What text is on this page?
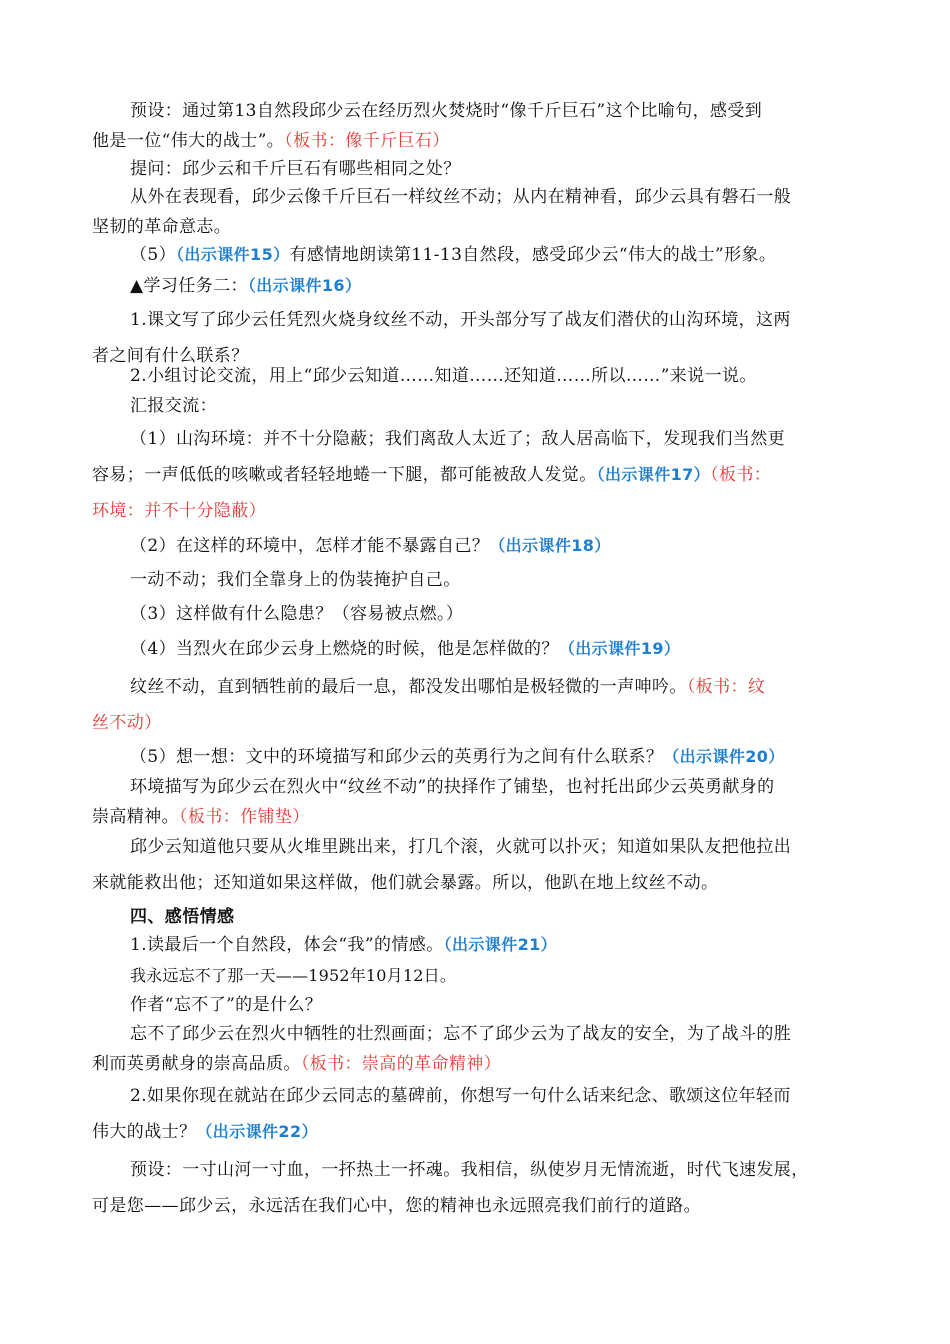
预设：通过第13自然段邱少云在经历烈火焚烧时“像千斤巨石”这个比喻句，感受到
他是一位“伟大的战士”。（板书：像千斤巨石）

提问：邱少云和千斤巨石有哪些相同之处？

从外在表现看，邱少云像千斤巨石一样纹丝不动；从内在精神看，邱少云具有磐石一般
坚韧的革命意志。

（5）（出示课件15）有感情地朗读第11-13自然段，感受邱少云“伟大的战士”形象。

▲学习任务二：（出示课件16）

1.课文写了邱少云任凭烈火烧身纹丝不动，开头部分写了战友们潜伏的山沟环境，这两
者之间有什么联系？

2.小组讨论交流，用上“邱少云知道……知道……还知道……所以……”来说一说。

汇报交流：

（1）山沟环境：并不十分隐蔽；我们离敌人太近了；敌人居高临下，发现我们当然更
容易；一声低低的咳嗽或者轻轻地蜷一下腿，都可能被敌人发觉。（出示课件17）（板书：
环境：并不十分隐蔽）

（2）在这样的环境中，怎样才能不暴露自己？（出示课件18）

一动不动；我们全靠身上的伪装掩护自己。

（3）这样做有什么隐患？（容易被点燃。）

（4）当烈火在邱少云身上燃烧的时候，他是怎样做的？（出示课件19）

纹丝不动，直到牺牲前的最后一息，都没发出哪怕是极轻微的一声呻吟。（板书：纹
丝不动）

（5）想一想：文中的环境描写和邱少云的英勇行为之间有什么联系？（出示课件20）

环境描写为邱少云在烈火中“纹丝不动”的抉择作了铺垫，也衬托出邱少云英勇献身的
崇高精神。（板书：作铺垫）

邱少云知道他只要从火堆里跳出来，打几个滚，火就可以扑灭；知道如果队友把他拉出
来就能救出他；还知道如果这样做，他们就会暴露。所以，他趴在地上纹丝不动。

四、感悟情感

1.读最后一个自然段，体会“我”的情感。（出示课件21）

我永远忘不了那一天——1952年10月12日。

作者“忘不了”的是什么？

忘不了邱少云在烈火中牺牲的壮烈画面；忘不了邱少云为了战友的安全，为了战斗的胜
利而英勇献身的崇高品质。（板书：崇高的革命精神）

2.如果你现在就站在邱少云同志的墓碑前，你想写一句什么话来纪念、歌颂这位年轻而
伟大的战士？（出示课件22）

预设：一寸山河一寸血，一抔热土一抔魂。我相信，纵使岁月无情流逝，时代飞速发展，
可是您——邱少云，永远活在我们心中，您的精神也永远照亮我们前行的道路。
